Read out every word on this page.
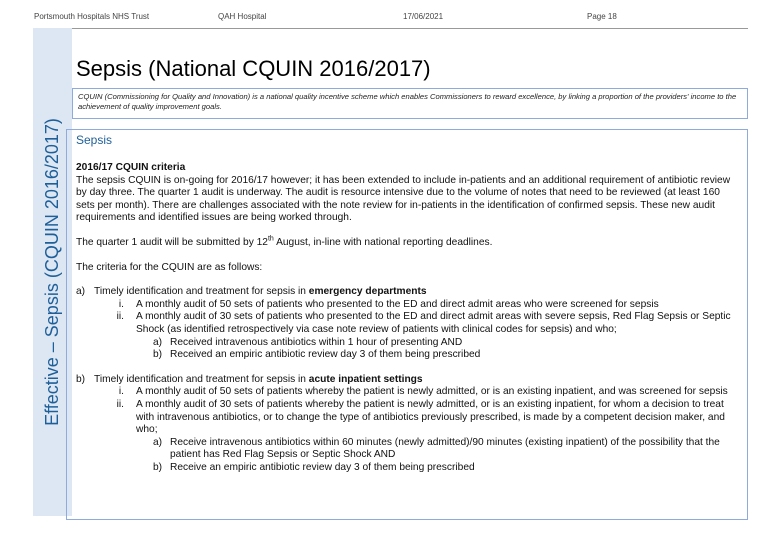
Portsmouth Hospitals NHS Trust	QAH Hospital	17/06/2021	Page 18
Effective – Sepsis (CQUIN 2016/2017)
Sepsis (National CQUIN 2016/2017)
CQUIN (Commissioning for Quality and Innovation) is a national quality incentive scheme which enables Commissioners to reward excellence, by linking a proportion of the providers' income to the achievement of quality improvement goals.
Sepsis

2016/17 CQUIN criteria

The sepsis CQUIN is on-going for 2016/17 however; it has been extended to include in-patients and an additional requirement of antibiotic review by day three. The quarter 1 audit is underway. The audit is resource intensive due to the volume of notes that need to be reviewed (at least 160 sets per month). There are challenges associated with the note review for in-patients in the identification of confirmed sepsis. These new audit requirements and identified issues are being worked through.

The quarter 1 audit will be submitted by 12th August, in-line with national reporting deadlines.

The criteria for the CQUIN are as follows:

a) Timely identification and treatment for sepsis in emergency departments
i.	A monthly audit of 50 sets of patients who presented to the ED and direct admit areas who were screened for sepsis
ii.	A monthly audit of 30 sets of patients who presented to the ED and direct admit areas with severe sepsis, Red Flag Sepsis or Septic Shock (as identified retrospectively via case note review of patients with clinical codes for sepsis) and who;
a) Received intravenous antibiotics within 1 hour of presenting AND
b) Received an empiric antibiotic review day 3 of them being prescribed
b) Timely identification and treatment for sepsis in acute inpatient settings
i.	A monthly audit of 50 sets of patients whereby the patient is newly admitted, or is an existing inpatient, and was screened for sepsis
ii.	A monthly audit of 30 sets of patients whereby the patient is newly admitted, or is an existing inpatient, for whom a decision to treat with intravenous antibiotics, or to change the type of antibiotics previously prescribed, is made by a competent decision maker, and who;
a) Receive intravenous antibiotics within 60 minutes (newly admitted)/90 minutes (existing inpatient) of the possibility that the patient has Red Flag Sepsis or Septic Shock AND
b) Receive an empiric antibiotic review day 3 of them being prescribed
